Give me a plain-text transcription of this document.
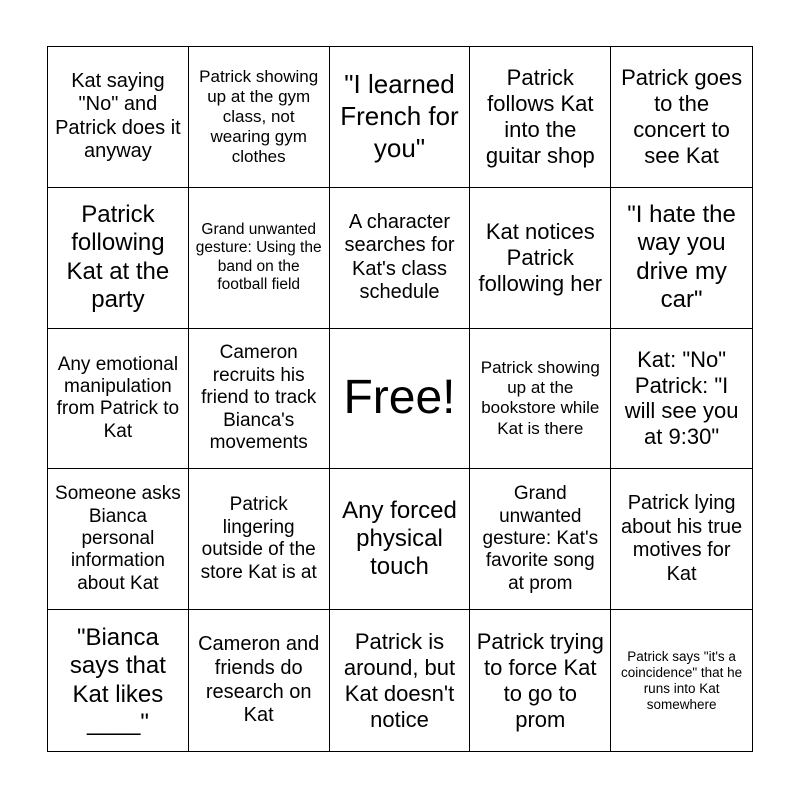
Kat saying "No" and Patrick does it anyway
Patrick showing up at the gym class, not wearing gym clothes
"I learned French for you"
Patrick follows Kat into the guitar shop
Patrick goes to the concert to see Kat
Patrick following Kat at the party
Grand unwanted gesture: Using the band on the football field
A character searches for Kat's class schedule
Kat notices Patrick following her
"I hate the way you drive my car"
Any emotional manipulation from Patrick to Kat
Cameron recruits his friend to track Bianca's movements
Free!
Patrick showing up at the bookstore while Kat is there
Kat: "No" Patrick: "I will see you at 9:30"
Someone asks Bianca personal information about Kat
Patrick lingering outside of the store Kat is at
Any forced physical touch
Grand unwanted gesture: Kat's favorite song at prom
Patrick lying about his true motives for Kat
"Bianca says that Kat likes ____"
Cameron and friends do research on Kat
Patrick is around, but Kat doesn't notice
Patrick trying to force Kat to go to prom
Patrick says "it's a coincidence" that he runs into Kat somewhere
